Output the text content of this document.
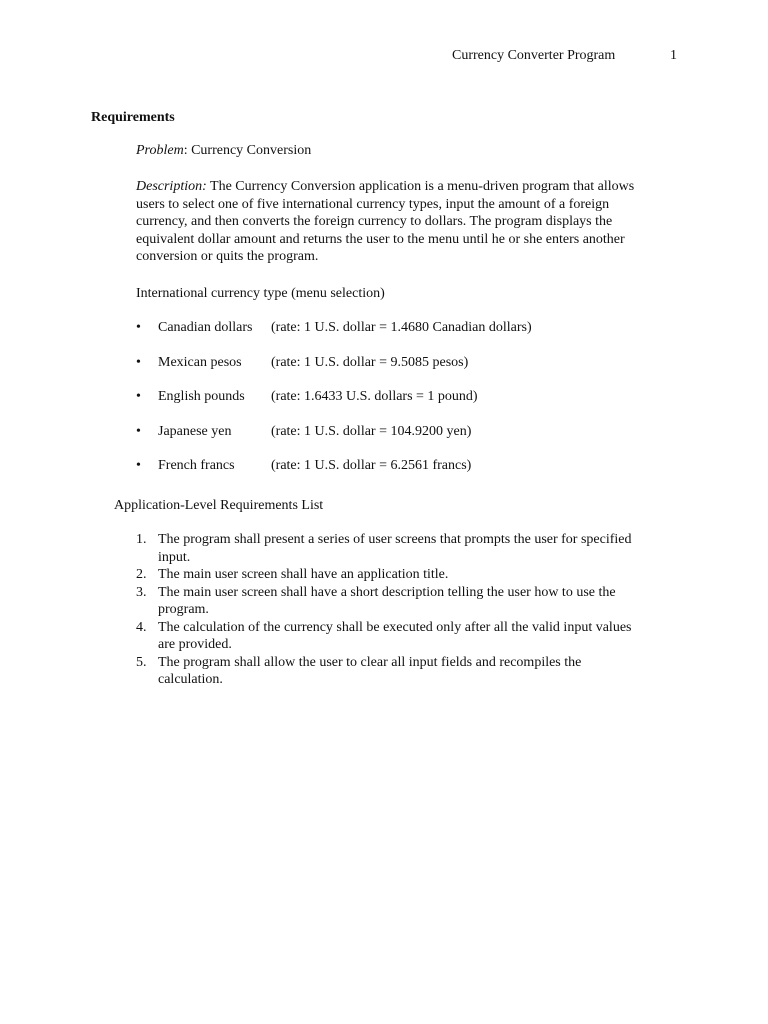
Currency Converter Program	1
Requirements
Problem: Currency Conversion
Description: The Currency Conversion application is a menu-driven program that allows
users to select one of five international currency types, input the amount of a foreign
currency, and then converts the foreign currency to dollars. The program displays the
equivalent dollar amount and returns the user to the menu until he or she enters another
conversion or quits the program.
International currency type (menu selection)
• Canadian dollars (rate: 1 U.S. dollar = 1.4680 Canadian dollars)
• Mexican pesos (rate: 1 U.S. dollar = 9.5085 pesos)
• English pounds (rate: 1.6433 U.S. dollars = 1 pound)
• Japanese yen	(rate: 1 U.S. dollar = 104.9200 yen)
• French francs	(rate: 1 U.S. dollar = 6.2561 francs)
Application-Level Requirements List
1. The program shall present a series of user screens that prompts the user for specified
input.
2. The main user screen shall have an application title.
3. The main user screen shall have a short description telling the user how to use the
program.
4. The calculation of the currency shall be executed only after all the valid input values
are provided.
5. The program shall allow the user to clear all input fields and recompiles the
calculation.
